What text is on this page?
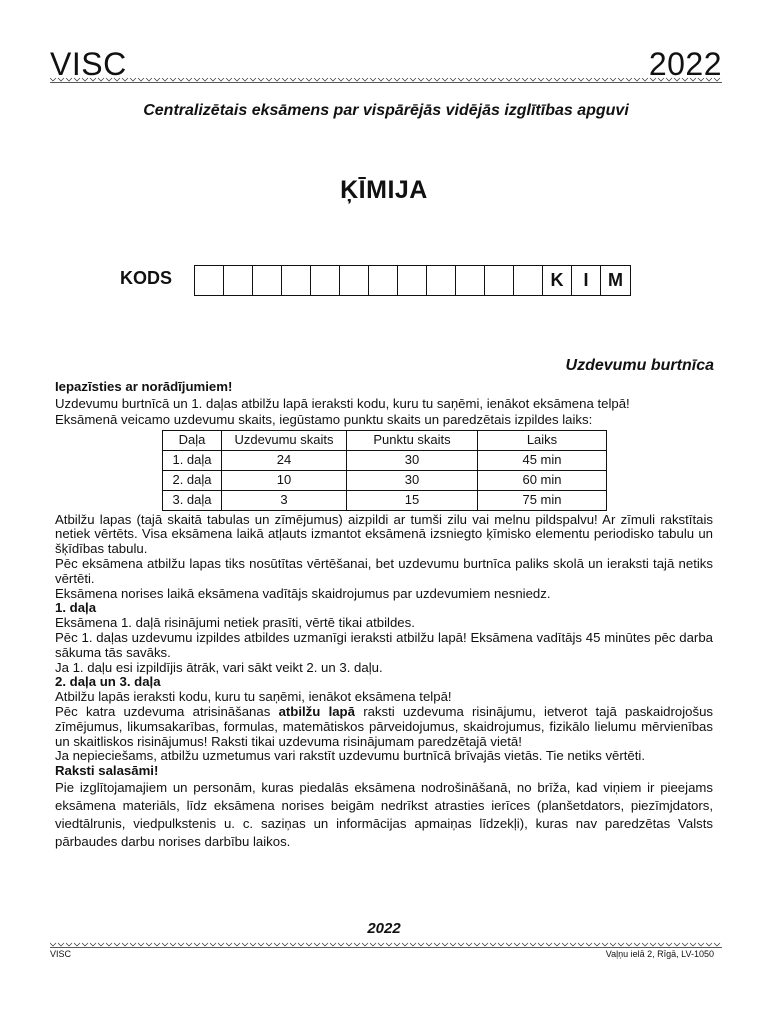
VISC	2022
Centralizētais eksāmens par vispārējās vidējās izglītības apguvi
ĶĪMIJA
KODS	K	I	M
Uzdevumu burtnīca

Iepazīsties ar norādījumiem!

Uzdevumu burtnīcā un 1. daļas atbilžu lapā ieraksti kodu, kuru tu saņēmi, ienākot eksāmena telpā!

Eksāmenā veicamo uzdevumu skaits, iegūstamo punktu skaits un paredzētais izpildes laiks:

Daļa	Uzdevumu skaits	Punktu skaits	Laiks
1. daļa	24	30	45 min
2. daļa	10	30	60 min
3. daļa	3	15	75 min

Atbilžu lapas (tajā skaitā tabulas un zīmējumus) aizpildi ar tumši zilu vai melnu pildspalvu! Ar zīmuli rakstītais netiek vērtēts. Visa eksāmena laikā atļauts izmantot eksāmenā izsniegto ķīmisko elementu periodisko tabulu un šķīdības tabulu.

Pēc eksāmena atbilžu lapas tiks nosūtītas vērtēšanai, bet uzdevumu burtnīca paliks skolā un ieraksti tajā netiks vērtēti.

Eksāmena norises laikā eksāmena vadītājs skaidrojumus par uzdevumiem nesniedz.

1. daļa

Eksāmena 1. daļā risinājumi netiek prasīti, vērtē tikai atbildes.

Pēc 1. daļas uzdevumu izpildes atbildes uzmanīgi ieraksti atbilžu lapā! Eksāmena vadītājs 45 minūtes pēc darba sākuma tās savāks.

Ja 1. daļu esi izpildījis ātrāk, vari sākt veikt 2. un 3. daļu.

2. daļa un 3. daļa

Atbilžu lapās ieraksti kodu, kuru tu saņēmi, ienākot eksāmena telpā!

Pēc katra uzdevuma atrisināšanas atbilžu lapā raksti uzdevuma risinājumu, ietverot tajā paskaidrojošus zīmējumus, likumsakarības, formulas, matemātiskos pārveidojumus, skaidrojumus, fizikālo lielumu mērvienības un skaitliskos risinājumus! Raksti tikai uzdevuma risinājumam paredzētajā vietā!

Ja nepieciešams, atbilžu uzmetumus vari rakstīt uzdevumu burtnīcā brīvajās vietās. Tie netiks vērtēti.

Raksti salasāmi!

Pie izglītojamajiem un personām, kuras piedalās eksāmena nodrošināšanā, no brīža, kad viņiem ir pieejams eksāmena materiāls, līdz eksāmena norises beigām nedrīkst atrasties ierīces (planšetdators, piezīmjdators, viedtālrunis, viedpulkstenis u. c. saziņas un informācijas apmaiņas līdzekļi), kuras nav paredzētas Valsts pārbaudes darbu norises darbību laikos.

2022
VISC	Vaļņu ielā 2, Rīgā, LV-1050
